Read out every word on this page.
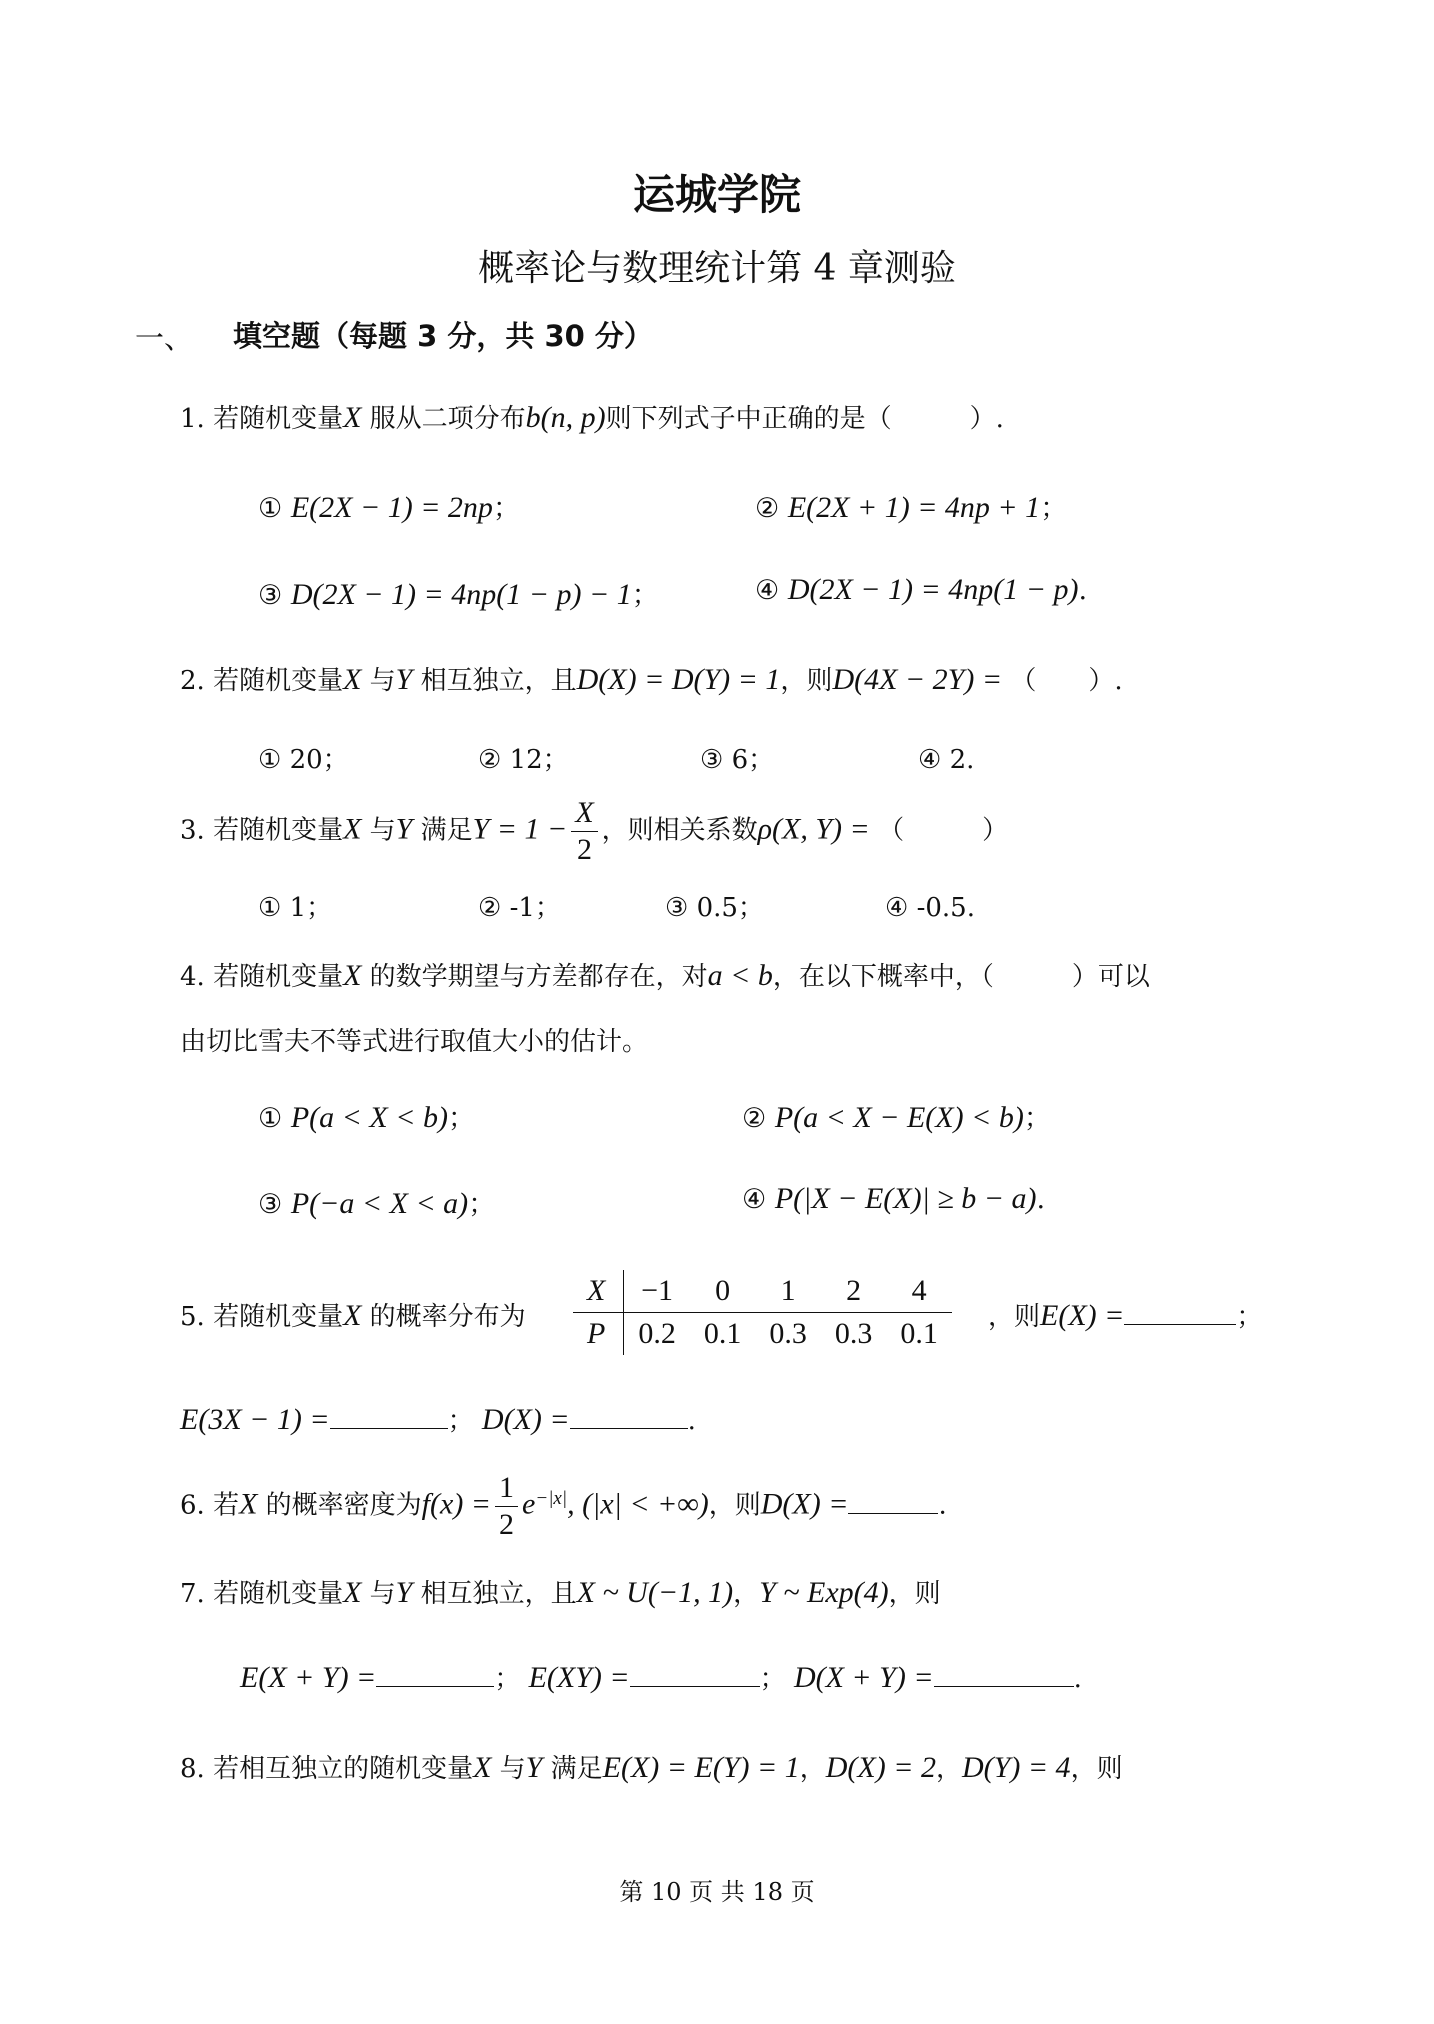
运城学院
概率论与数理统计第 4 章测验
一、 填空题（每题 3 分，共 30 分）
1. 若随机变量X 服从二项分布b(n, p)则下列式子中正确的是（　　　）.
① E(2X − 1) = 2np；	② E(2X + 1) = 4np + 1；
③ D(2X − 1) = 4np(1 − p) − 1；	④ D(2X − 1) = 4np(1 − p).
2. 若随机变量X 与Y 相互独立，且D(X) = D(Y) = 1，则D(4X − 2Y) = （　　）.
① 20；	② 12；	③ 6；	④ 2.
3. 若随机变量X 与Y 满足$Y = 1 - \frac{X}{2}$ ，则相关系数ρ(X, Y) = （　　　）
① 1；	② -1；	③ 0.5；	④ -0.5.
4. 若随机变量X 的数学期望与方差都存在，对a < b，在以下概率中，（　　　）可以
由切比雪夫不等式进行取值大小的估计。
① P(a < X < b)；	② P(a < X − E(X) < b)；
③ P(−a < X < a)；	④ P(|X − E(X)| ≥ b − a).
5. 若随机变量X 的概率分布为
X	−1	0	1	2	4
P	0.2	0.1	0.3	0.3	0.1 ，则E(X) =	；
E(3X − 1) =	； D(X) =	.
6. 若X 的概率密度为$f(x) = \frac{1}{2} e^{-|x|}$, (|x| < +∞)，则D(X) =	.
7. 若随机变量X 与Y 相互独立，且X ~ U(−1, 1)，Y ~ Exp(4)，则
E(X + Y) =	； E(XY) =	； D(X + Y) =	.
8. 若相互独立的随机变量X 与Y 满足E(X) = E(Y) = 1，D(X) = 2，D(Y) = 4，则
第 10 页 共 18 页
